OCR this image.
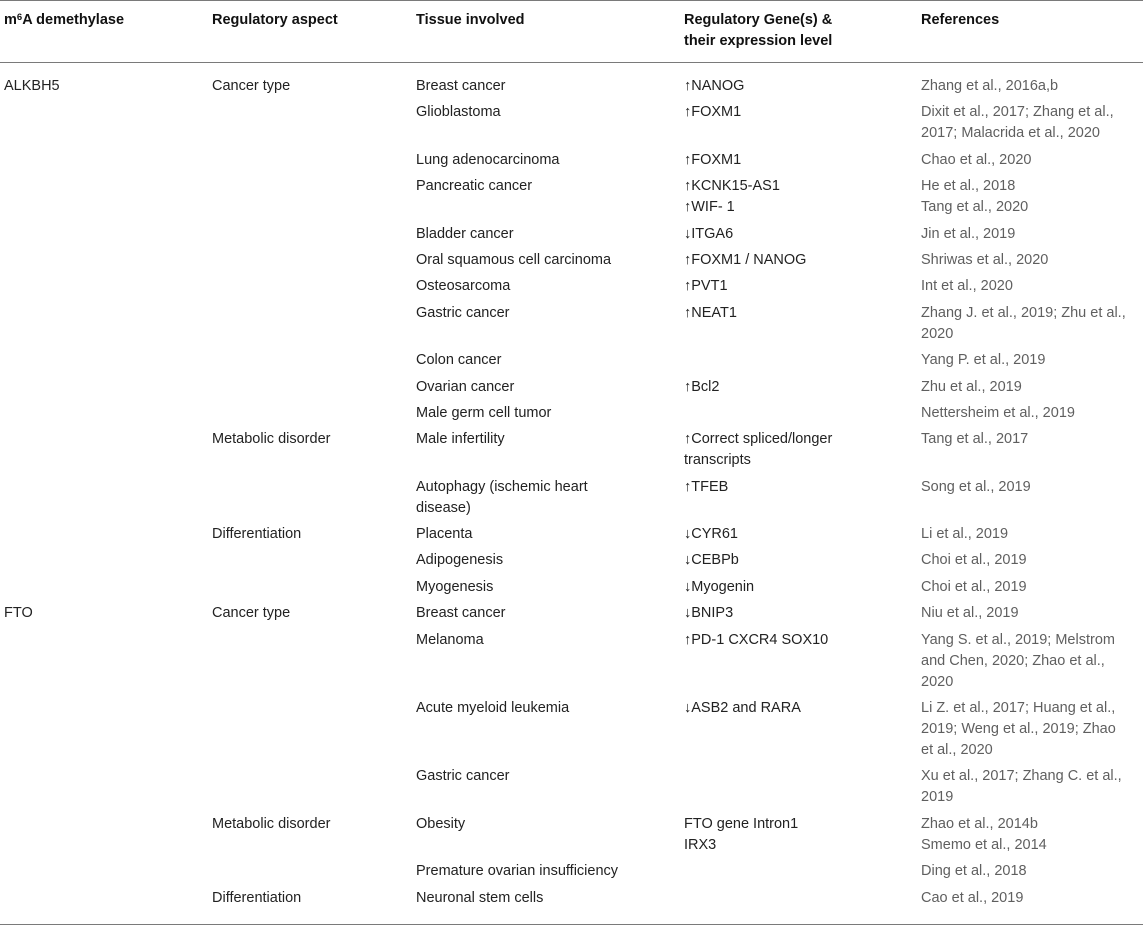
$m^6A$ demethylase	Regulatory aspect	Tissue involved	Regulatory Gene(s) &
their expression level	References
ALKBH5	Cancer type	Breast cancer	↑NANOG	Zhang et al., 2016a,b

		Glioblastoma	↑FOXM1	Dixit et al., 2017; Zhang et al.,
2017; Malacrida et al., 2020

		Lung adenocarcinoma	↑FOXM1	Chao et al., 2020

		Pancreatic cancer	↑KCNK15-AS1
↑WIF- 1	He et al., 2018
Tang et al., 2020

		Bladder cancer	↓ITGA6	Jin et al., 2019

		Oral squamous cell carcinoma	↑FOXM1 / NANOG	Shriwas et al., 2020

		Osteosarcoma	↑PVT1	Int et al., 2020

		Gastric cancer	↑NEAT1	Zhang J. et al., 2019; Zhu et al.,
2020

		Colon cancer		Yang P. et al., 2019

		Ovarian cancer	↑Bcl2	Zhu et al., 2019

		Male germ cell tumor		Nettersheim et al., 2019

	Metabolic disorder	Male infertility	↑Correct spliced/longer
transcripts	Tang et al., 2017

		Autophagy (ischemic heart
disease)	↑TFEB	Song et al., 2019

	Differentiation	Placenta	↓CYR61	Li et al., 2019

		Adipogenesis	↓CEBPb	Choi et al., 2019

		Myogenesis	↓Myogenin	Choi et al., 2019

FTO	Cancer type	Breast cancer	↓BNIP3	Niu et al., 2019

		Melanoma	↑PD-1 CXCR4 SOX10	Yang S. et al., 2019; Melstrom
and Chen, 2020; Zhao et al.,
2020

		Acute myeloid leukemia	↓ASB2 and RARA	Li Z. et al., 2017; Huang et al.,
2019; Weng et al., 2019; Zhao
et al., 2020

		Gastric cancer		Xu et al., 2017; Zhang C. et al.,
2019

	Metabolic disorder	Obesity	FTO gene Intron1
IRX3	Zhao et al., 2014b
Smemo et al., 2014

		Premature ovarian insufficiency		Ding et al., 2018

	Differentiation	Neuronal stem cells		Cao et al., 2019
